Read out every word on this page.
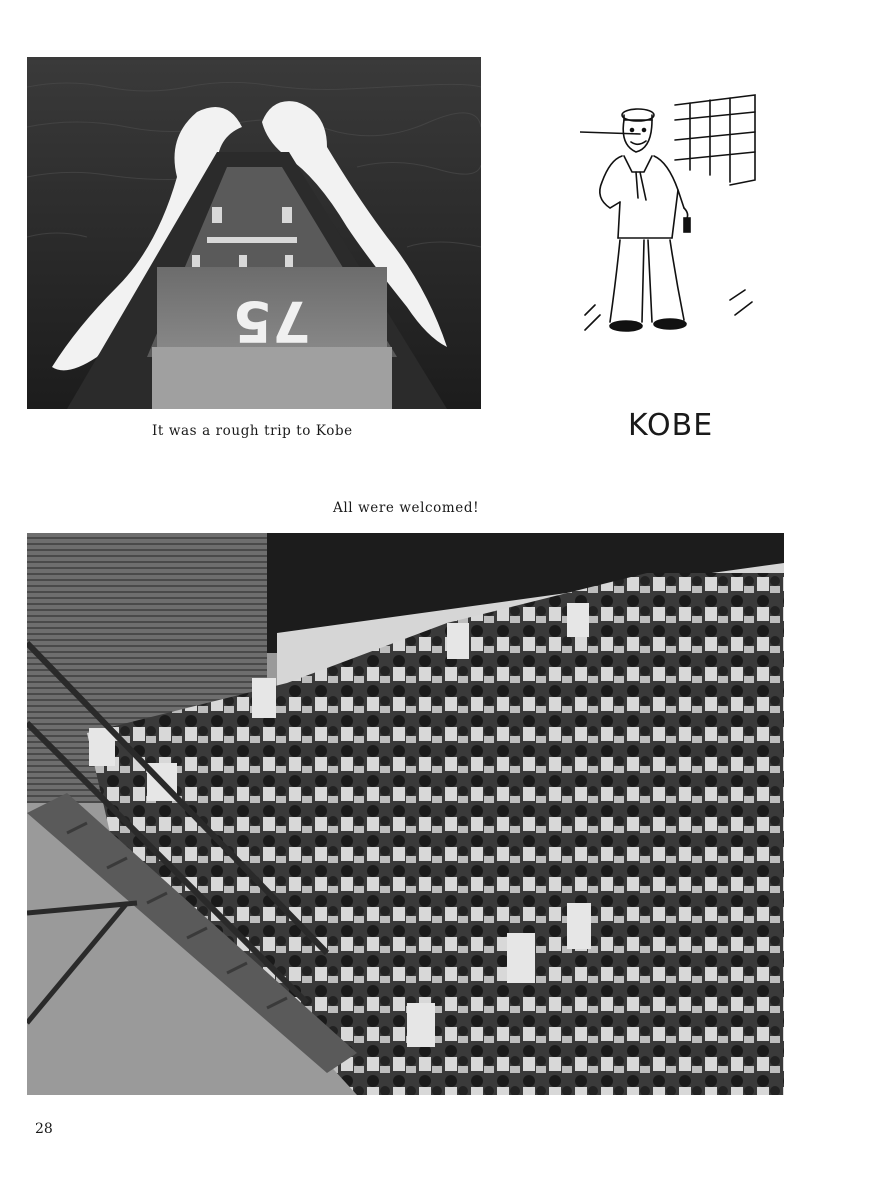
75
It was a rough trip to Kobe	KOBE
All were welcomed!
28
